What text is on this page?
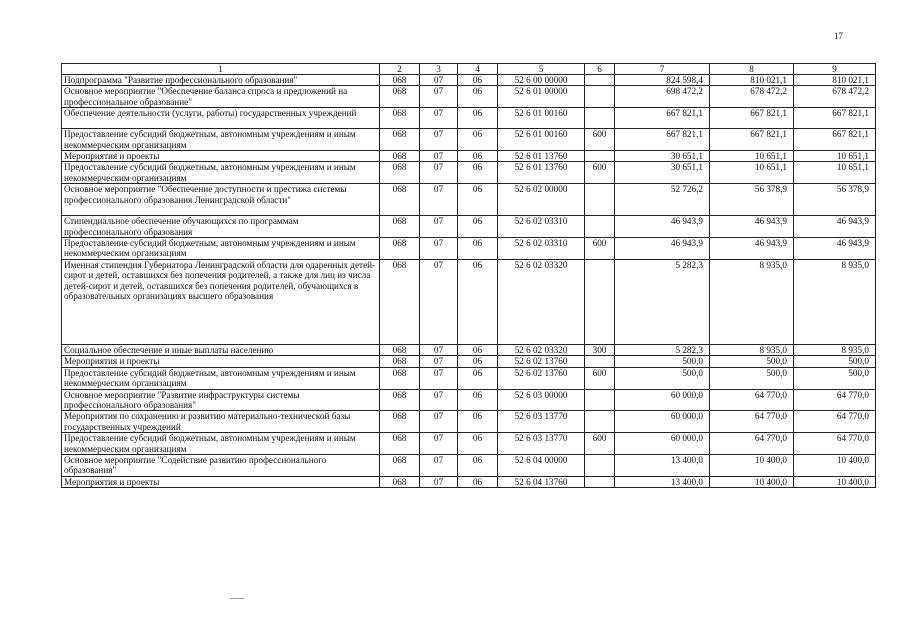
17
1	2	3	4	5	6	7	8	9
Подпрограмма "Развитие профессионального образования"	068	07	06	52 6 00 00000		824 598,4	810 021,1	810 021,1
Основное мероприятие "Обеспечение баланса спроса и предложений на профессиональное образование"	068	07	06	52 6 01 00000		698 472,2	678 472,2	678 472,2
Обеспечение деятельности (услуги, работы) государственных учреждений	068	07	06	52 6 01 00160		667 821,1	667 821,1	667 821,1
Предоставление субсидий бюджетным, автономным учреждениям и иным некоммерческим организациям	068	07	06	52 6 01 00160	600	667 821,1	667 821,1	667 821,1
Мероприятия и проекты	068	07	06	52 6 01 13760		30 651,1	10 651,1	10 651,1
Предоставление субсидий бюджетным, автономным учреждениям и иным некоммерческим организациям	068	07	06	52 6 01 13760	600	30 651,1	10 651,1	10 651,1
Основное мероприятие "Обеспечение доступности и престижа системы профессионального образования Ленинградской области"	068	07	06	52 6 02 00000		52 726,2	56 378,9	56 378,9
Стипендиальное обеспечение обучающихся по программам профессионального образования	068	07	06	52 6 02 03310		46 943,9	46 943,9	46 943,9
Предоставление субсидий бюджетным, автономным учреждениям и иным некоммерческим организациям	068	07	06	52 6 02 03310	600	46 943,9	46 943,9	46 943,9
Именная стипендия Губернатора Ленинградской области для одаренных детей-сирот и детей, оставшихся без попечения родителей, а также для лиц из числа детей-сирот и детей, оставшихся без попечения родителей, обучающихся в образовательных организациях высшего образования	068	07	06	52 6 02 03320		5 282,3	8 935,0	8 935,0
Социальное обеспечение и иные выплаты населению	068	07	06	52 6 02 03320	300	5 282,3	8 935,0	8 935,0
Мероприятия и проекты	068	07	06	52 6 02 13760		500,0	500,0	500,0
Предоставление субсидий бюджетным, автономным учреждениям и иным некоммерческим организациям	068	07	06	52 6 02 13760	600	500,0	500,0	500,0
Основное мероприятие "Развитие инфраструктуры системы профессионального образования"	068	07	06	52 6 03 00000		60 000,0	64 770,0	64 770,0
Мероприятия по сохранению и развитию материально-технической базы государственных учреждений	068	07	06	52 6 03 13770		60 000,0	64 770,0	64 770,0
Предоставление субсидий бюджетным, автономным учреждениям и иным некоммерческим организациям	068	07	06	52 6 03 13770	600	60 000,0	64 770,0	64 770,0
Основное мероприятие "Содействие развитию профессионального образования"	068	07	06	52 6 04 00000		13 400,0	10 400,0	10 400,0
Мероприятия и проекты	068	07	06	52 6 04 13760		13 400,0	10 400,0	10 400,0
